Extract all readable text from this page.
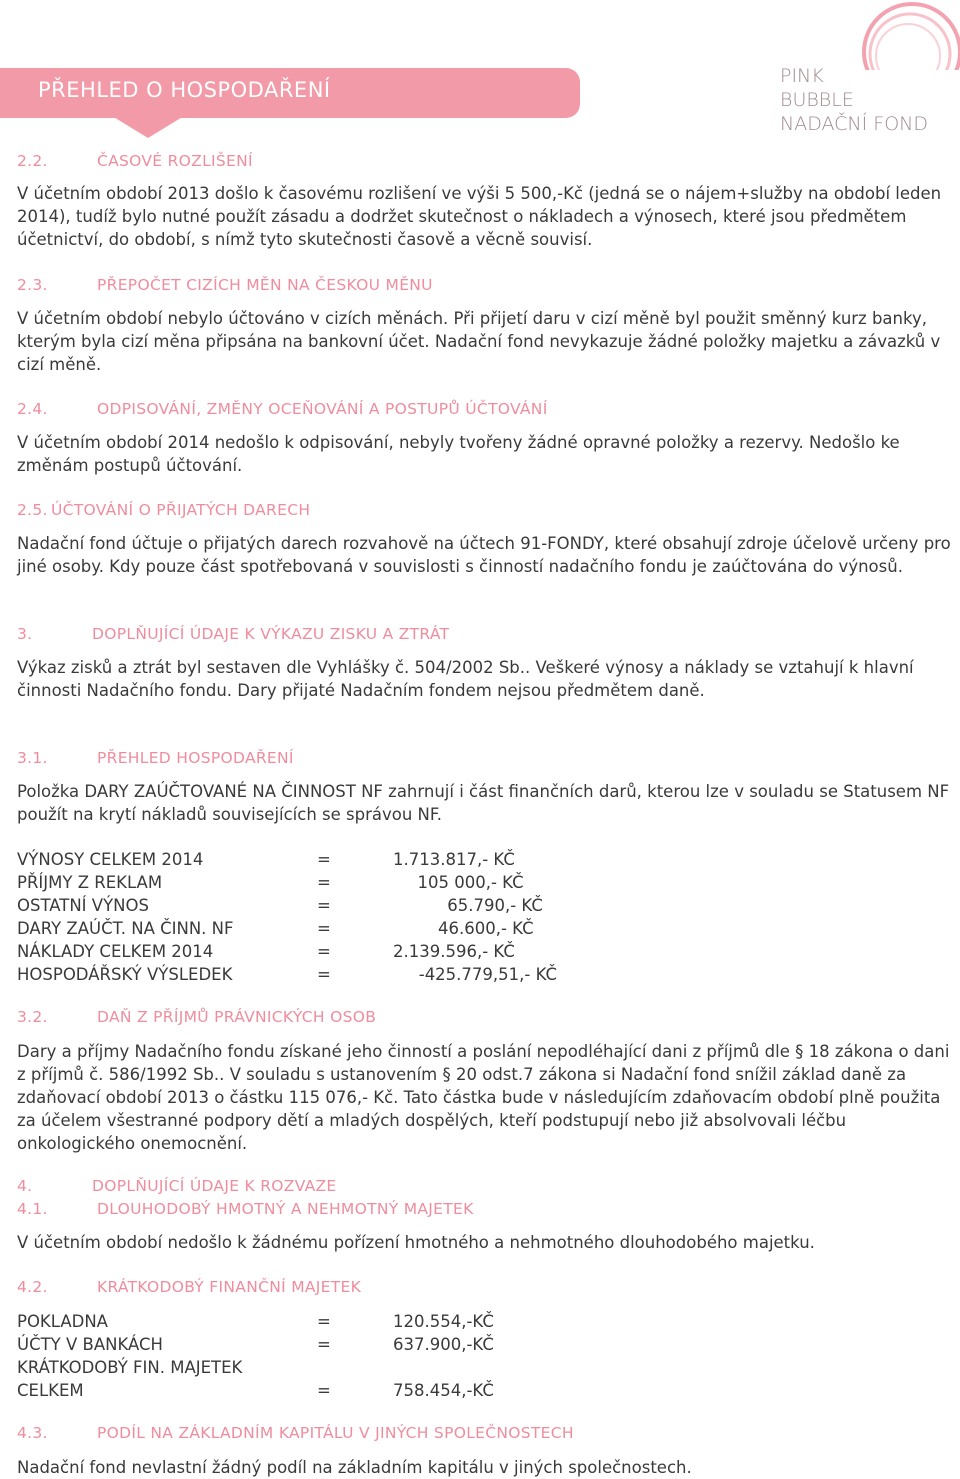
PŘEHLED O HOSPODAŘENÍ
PINK
BUBBLE
NADAČNÍ FOND
2.2.	ČASOVÉ ROZLIŠENÍ
V účetním období 2013 došlo k časovému rozlišení ve výši 5 500,-Kč (jedná se o nájem+služby na období leden 2014), tudíž bylo nutné použít zásadu a dodržet skutečnost o nákladech a výnosech, které jsou předmětem účetnictví, do období, s nímž tyto skutečnosti časově a věcně souvisí.
2.3.	PŘEPOČET CIZÍCH MĚN NA ČESKOU MĚNU
V účetním období nebylo účtováno v cizích měnách. Při přijetí daru v cizí měně byl použit směnný kurz banky, kterým byla cizí měna připsána na bankovní účet. Nadační fond nevykazuje žádné položky majetku a závazků v cizí měně.
2.4.	ODPISOVÁNÍ, ZMĚNY OCEŇOVÁNÍ A POSTUPŮ ÚČTOVÁNÍ
V účetním období 2014 nedošlo k odpisování, nebyly tvořeny žádné opravné položky a rezervy. Nedošlo ke změnám postupů účtování.
2.5. ÚČTOVÁNÍ O PŘIJATÝCH DARECH
Nadační fond účtuje o přijatých darech rozvahově na účtech 91-FONDY, které obsahují zdroje účelově určeny pro jiné osoby. Kdy pouze část spotřebovaná v souvislosti s činností nadačního fondu je zaúčtována do výnosů.
3.	DOPLŇUJÍCÍ ÚDAJE K VÝKAZU ZISKU A ZTRÁT
Výkaz zisků a ztrát byl sestaven dle Vyhlášky č. 504/2002 Sb.. Veškeré výnosy a náklady se vztahují k hlavní činnosti Nadačního fondu. Dary přijaté Nadačním fondem nejsou předmětem daně.
3.1.	PŘEHLED HOSPODAŘENÍ
Položka DARY ZAÚČTOVANÉ NA ČINNOST NF zahrnují i část finančních darů, kterou lze v souladu se Statusem NF použít na krytí nákladů souvisejících se správou NF.
VÝNOSY CELKEM 2014	=	1.713.817,- KČ
PŘÍJMY Z REKLAM	=	105 000,- KČ
OSTATNÍ VÝNOS	=	65.790,- KČ
DARY ZAÚČT. NA ČINN. NF	=	46.600,- KČ
NÁKLADY CELKEM 2014	=	2.139.596,- KČ
HOSPODÁŘSKÝ VÝSLEDEK	=	-425.779,51,- KČ
3.2.	DAŇ Z PŘÍJMŮ PRÁVNICKÝCH OSOB
Dary a příjmy Nadačního fondu získané jeho činností a poslání nepodléhající dani z příjmů dle § 18 zákona o dani z příjmů č. 586/1992 Sb.. V souladu s ustanovením § 20 odst.7 zákona si Nadační fond snížil základ daně za zdaňovací období 2013 o částku 115 076,- Kč. Tato částka bude v následujícím zdaňovacím období plně použita za účelem všestranné podpory dětí a mladých dospělých, kteří podstupují nebo již absolvovali léčbu onkologického onemocnění.
4.	DOPLŇUJÍCÍ ÚDAJE K ROZVAZE
4.1.	DLOUHODOBÝ HMOTNÝ A NEHMOTNÝ MAJETEK
V účetním období nedošlo k žádnému pořízení hmotného a nehmotného dlouhodobého majetku.
4.2.	KRÁTKODOBÝ FINANČNÍ MAJETEK
POKLADNA	=	120.554,-KČ
ÚČTY V BANKÁCH	=	637.900,-KČ
KRÁTKODOBÝ FIN. MAJETEK
CELKEM	=	758.454,-KČ
4.3.	PODÍL NA ZÁKLADNÍM KAPITÁLU V JINÝCH SPOLEČNOSTECH
Nadační fond nevlastní žádný podíl na základním kapitálu v jiných společnostech.
